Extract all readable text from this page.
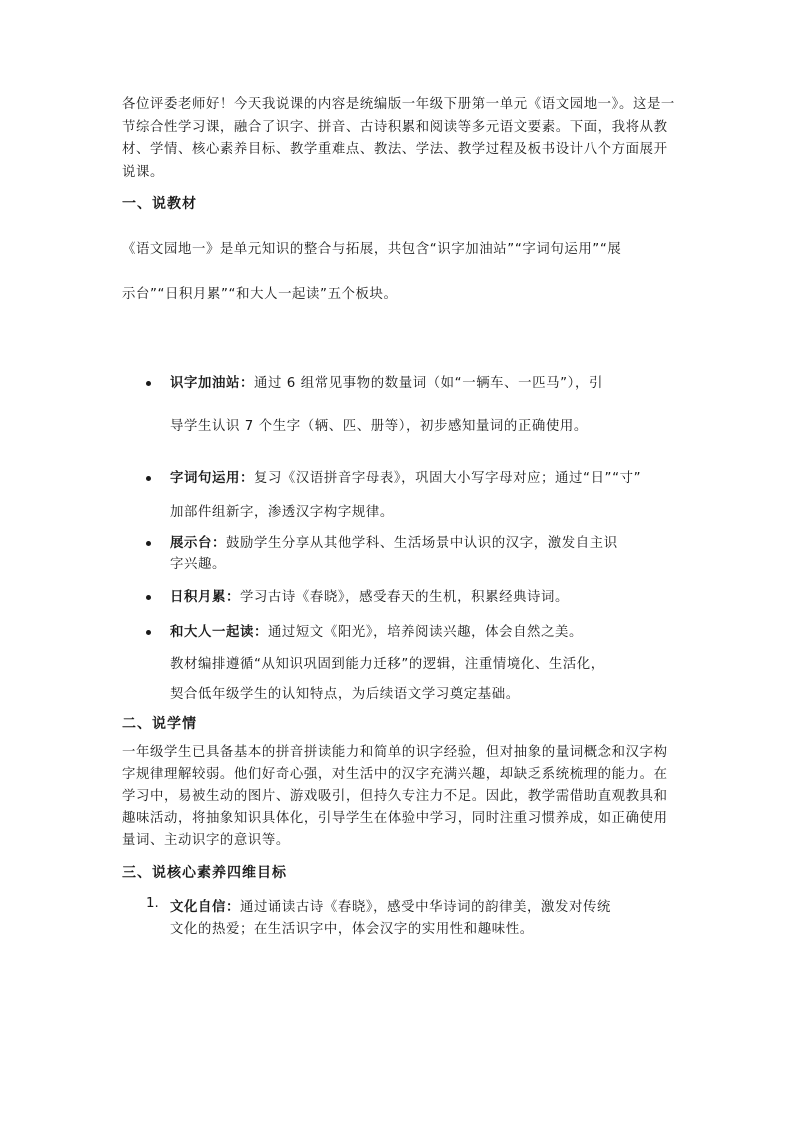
各位评委老师好！今天我说课的内容是统编版一年级下册第一单元《语文园地一》。这是一节综合性学习课，融合了识字、拼音、古诗积累和阅读等多元语文要素。下面，我将从教材、学情、核心素养目标、教学重难点、教法、学法、教学过程及板书设计八个方面展开说课。
一、说教材
《语文园地一》是单元知识的整合与拓展，共包含“识字加油站”“字词句运用”“展
示台”“日积月累”“和大人一起读”五个板块。
识字加油站：通过 6 组常见事物的数量词（如“一辆车、一匹马”），引
导学生认识 7 个生字（辆、匹、册等），初步感知量词的正确使用。
字词句运用：复习《汉语拼音字母表》，巩固大小写字母对应；通过“日”“寸”
加部件组新字，渗透汉字构字规律。
展示台：鼓励学生分享从其他学科、生活场景中认识的汉字，激发自主识
字兴趣。
日积月累：学习古诗《春晓》，感受春天的生机，积累经典诗词。
和大人一起读：通过短文《阳光》，培养阅读兴趣，体会自然之美。
教材编排遵循“从知识巩固到能力迁移”的逻辑，注重情境化、生活化，
契合低年级学生的认知特点，为后续语文学习奠定基础。
二、说学情
一年级学生已具备基本的拼音拼读能力和简单的识字经验，但对抽象的量词概念和汉字构字规律理解较弱。他们好奇心强，对生活中的汉字充满兴趣，却缺乏系统梳理的能力。在学习中，易被生动的图片、游戏吸引，但持久专注力不足。因此，教学需借助直观教具和趣味活动，将抽象知识具体化，引导学生在体验中学习，同时注重习惯养成，如正确使用量词、主动识字的意识等。
三、说核心素养四维目标
1. 文化自信：通过诵读古诗《春晓》，感受中华诗词的韵律美，激发对传统
文化的热爱；在生活识字中，体会汉字的实用性和趣味性。
